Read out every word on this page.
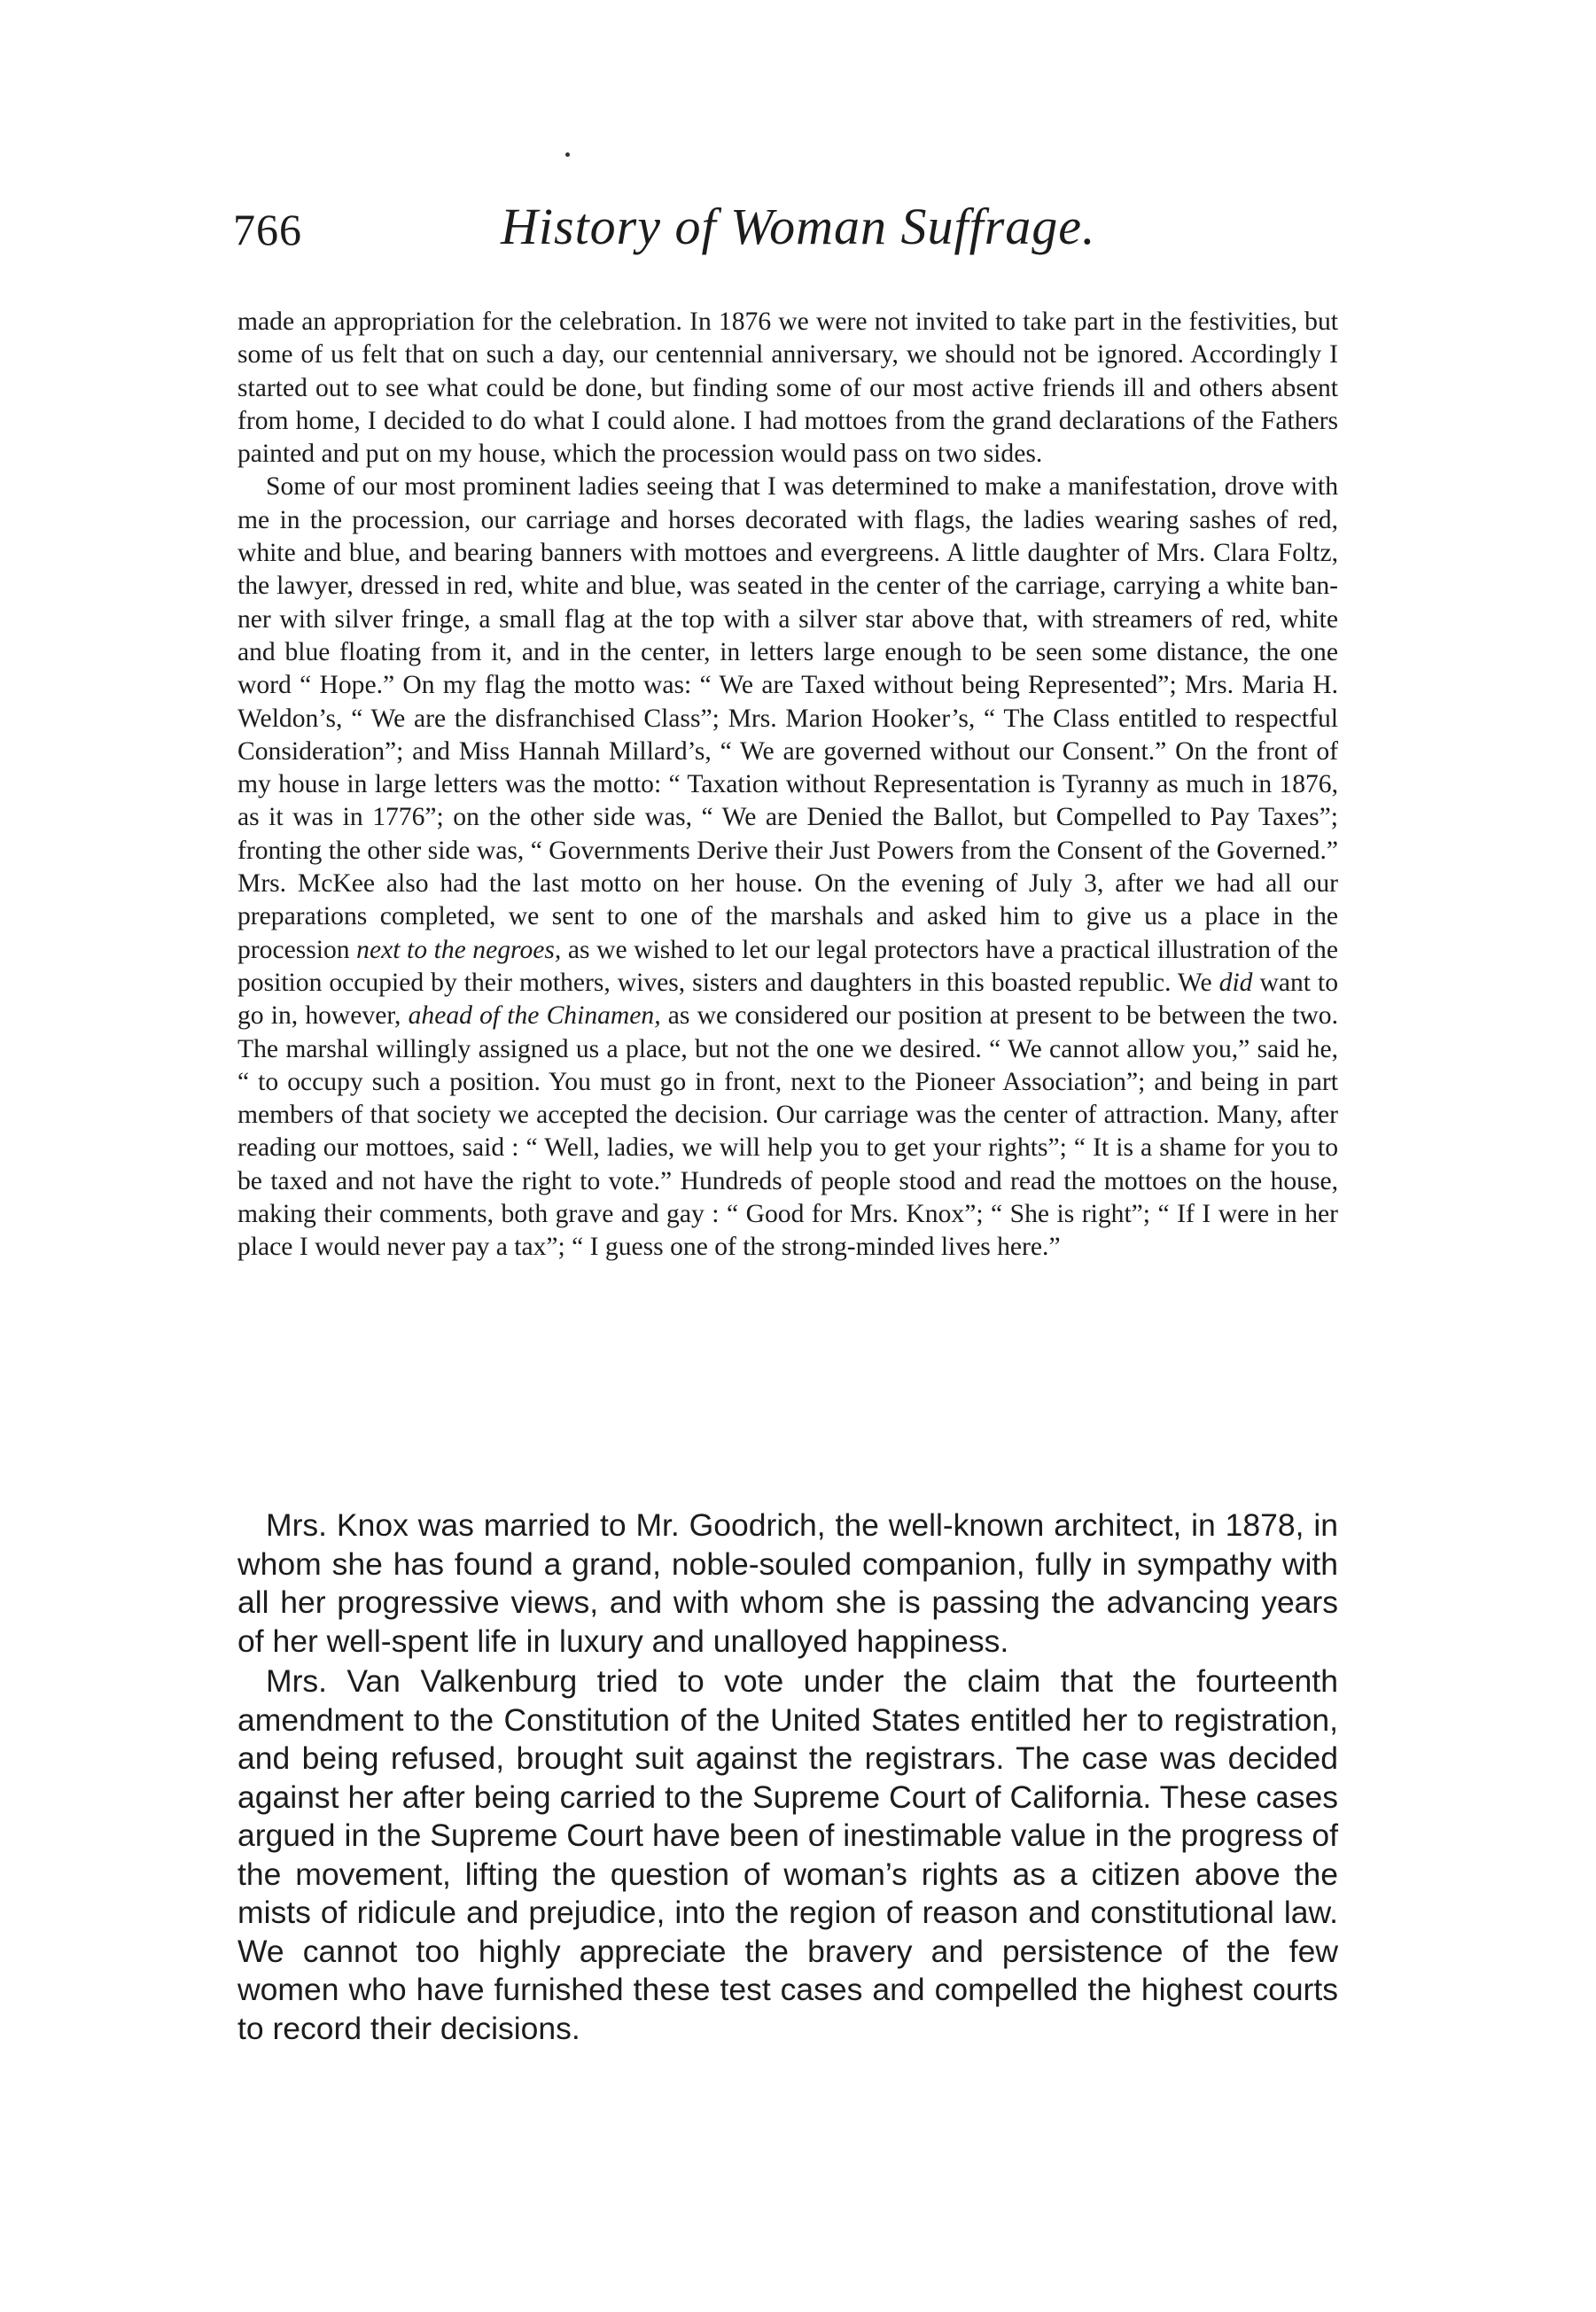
766	History of Woman Suffrage.

made an appropriation for the celebration. In 1876 we were not invited to take part in the festivities, but some of us felt that on such a day, our centennial anniversary, we should not be ignored. Accordingly I started out to see what could be done, but finding some of our most active friends ill and others absent from home, I decided to do what I could alone. I had mottoes from the grand declarations of the Fathers painted and put on my house, which the procession would pass on two sides.

Some of our most prominent ladies seeing that I was determined to make a manifestation, drove with me in the procession, our carriage and horses decorated with flags, the ladies wearing sashes of red, white and blue, and bearing banners with mottoes and evergreens. A little daughter of Mrs. Clara Foltz, the lawyer, dressed in red, white and blue, was seated in the center of the carriage, carrying a white banner with silver fringe, a small flag at the top with a silver star above that, with streamers of red, white and blue floating from it, and in the center, in letters large enough to be seen some distance, the one word “ Hope.” On my flag the motto was: “ We are Taxed without being Represented”; Mrs. Maria H. Weldon’s, “ We are the disfranchised Class”; Mrs. Marion Hooker’s, “ The Class entitled to respectful Consideration”; and Miss Hannah Millard’s, “ We are governed without our Consent.” On the front of my house in large letters was the motto: “ Taxation without Representation is Tyranny as much in 1876, as it was in 1776”; on the other side was, “ We are Denied the Ballot, but Compelled to Pay Taxes”; fronting the other side was, “ Governments Derive their Just Powers from the Consent of the Governed.” Mrs. McKee also had the last motto on her house. On the evening of July 3, after we had all our preparations completed, we sent to one of the marshals and asked him to give us a place in the procession next to the negroes, as we wished to let our legal protectors have a practical illustration of the position occupied by their mothers, wives, sisters and daughters in this boasted republic. We did want to go in, however, ahead of the Chinamen, as we considered our position at present to be between the two. The marshal willingly assigned us a place, but not the one we desired. “ We cannot allow you,” said he, “ to occupy such a position. You must go in front, next to the Pioneer Association”; and being in part members of that society we accepted the decision. Our carriage was the center of attraction. Many, after reading our mottoes, said : “ Well, ladies, we will help you to get your rights”; “ It is a shame for you to be taxed and not have the right to vote.” Hundreds of people stood and read the mottoes on the house, making their comments, both grave and gay : “ Good for Mrs. Knox”; “ She is right”; “ If I were in her place I would never pay a tax”; “ I guess one of the strong-minded lives here.”

Mrs. Knox was married to Mr. Goodrich, the well-known architect, in 1878, in whom she has found a grand, noble-souled companion, fully in sympathy with all her progressive views, and with whom she is passing the advancing years of her well-spent life in luxury and unalloyed happiness.

Mrs. Van Valkenburg tried to vote under the claim that the fourteenth amendment to the Constitution of the United States entitled her to registration, and being refused, brought suit against the registrars. The case was decided against her after being carried to the Supreme Court of California. These cases argued in the Supreme Court have been of inestimable value in the progress of the movement, lifting the question of woman’s rights as a citizen above the mists of ridicule and prejudice, into the region of reason and constitutional law. We cannot too highly appreciate the bravery and persistence of the few women who have furnished these test cases and compelled the highest courts to record their decisions.
